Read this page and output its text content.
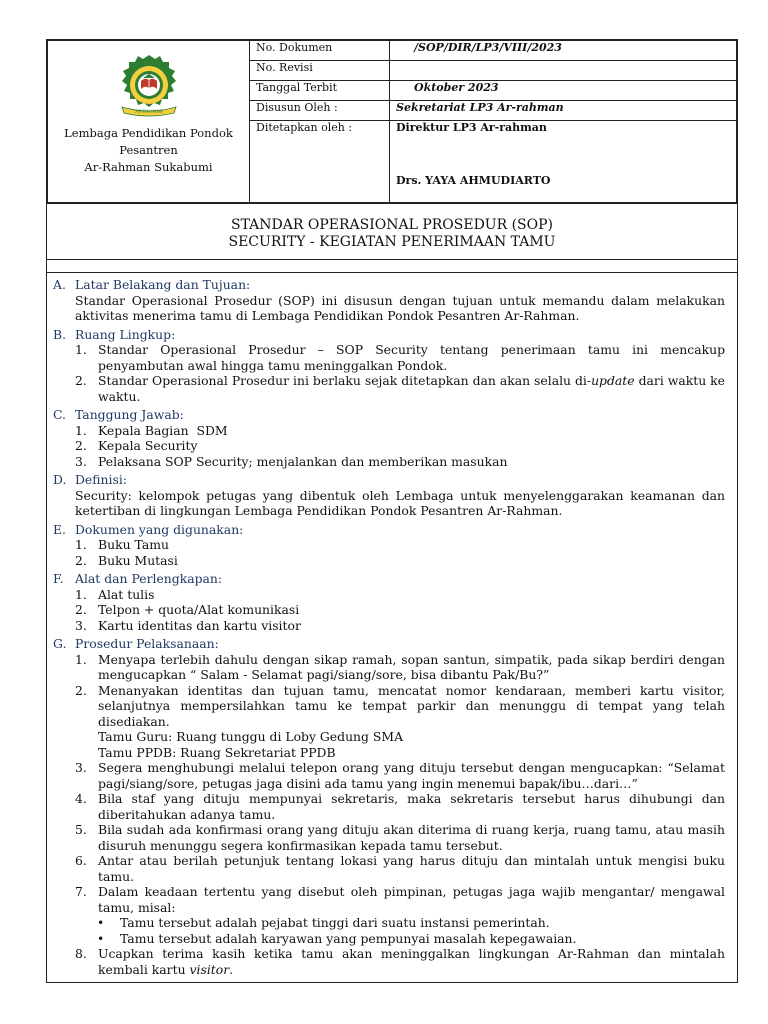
AR-RAHMAN
Lembaga Pendidikan Pondok
Pesantren
Ar-Rahman Sukabumi	No. Dokumen	/SOP/DIR/LP3/VIII/2023
	No. Revisi	
	Tanggal Terbit	Oktober 2023
	Disusun Oleh :	Sekretariat LP3 Ar-rahman
	Ditetapkan oleh :	Direktur LP3 Ar-rahman
Drs. YAYA AHMUDIARTO
STANDAR OPERASIONAL PROSEDUR (SOP)
SECURITY - KEGIATAN PENERIMAAN TAMU
A. Latar Belakang dan Tujuan:
Standar Operasional Prosedur (SOP) ini disusun dengan tujuan untuk memandu dalam melakukan aktivitas menerima tamu di Lembaga Pendidikan Pondok Pesantren Ar-Rahman.
B. Ruang Lingkup:
1. Standar Operasional Prosedur – SOP Security tentang penerimaan tamu ini mencakup penyambutan awal hingga tamu meninggalkan Pondok.
2. Standar Operasional Prosedur ini berlaku sejak ditetapkan dan akan selalu di-update dari waktu ke waktu.
C. Tanggung Jawab:
1. Kepala Bagian  SDM
2. Kepala Security
3. Pelaksana SOP Security; menjalankan dan memberikan masukan
D. Definisi:
Security: kelompok petugas yang dibentuk oleh Lembaga untuk menyelenggarakan keamanan dan ketertiban di lingkungan Lembaga Pendidikan Pondok Pesantren Ar-Rahman.
E. Dokumen yang digunakan:
1. Buku Tamu
2. Buku Mutasi
F. Alat dan Perlengkapan:
1. Alat tulis
2. Telpon + quota/Alat komunikasi
3. Kartu identitas dan kartu visitor
G. Prosedur Pelaksanaan:
1. Menyapa terlebih dahulu dengan sikap ramah, sopan santun, simpatik, pada sikap berdiri dengan mengucapkan “ Salam - Selamat pagi/siang/sore, bisa dibantu Pak/Bu?”
2. Menanyakan identitas dan tujuan tamu, mencatat nomor kendaraan, memberi kartu visitor, selanjutnya mempersilahkan tamu ke tempat parkir dan menunggu di tempat yang telah disediakan.
Tamu Guru: Ruang tunggu di Loby Gedung SMA
Tamu PPDB: Ruang Sekretariat PPDB
3. Segera menghubungi melalui telepon orang yang dituju tersebut dengan mengucapkan: “Selamat pagi/siang/sore, petugas jaga disini ada tamu yang ingin menemui bapak/ibu…dari…”
4. Bila staf yang dituju mempunyai sekretaris, maka sekretaris tersebut harus dihubungi dan diberitahukan adanya tamu.
5. Bila sudah ada konfirmasi orang yang dituju akan diterima di ruang kerja, ruang tamu, atau masih disuruh menunggu segera konfirmasikan kepada tamu tersebut.
6. Antar atau berilah petunjuk tentang lokasi yang harus dituju dan mintalah untuk mengisi buku tamu.
7. Dalam keadaan tertentu yang disebut oleh pimpinan, petugas jaga wajib mengantar/ mengawal tamu, misal:
• Tamu tersebut adalah pejabat tinggi dari suatu instansi pemerintah.
• Tamu tersebut adalah karyawan yang pempunyai masalah kepegawaian.
8. Ucapkan terima kasih ketika tamu akan meninggalkan lingkungan Ar-Rahman dan mintalah kembali kartu visitor.
